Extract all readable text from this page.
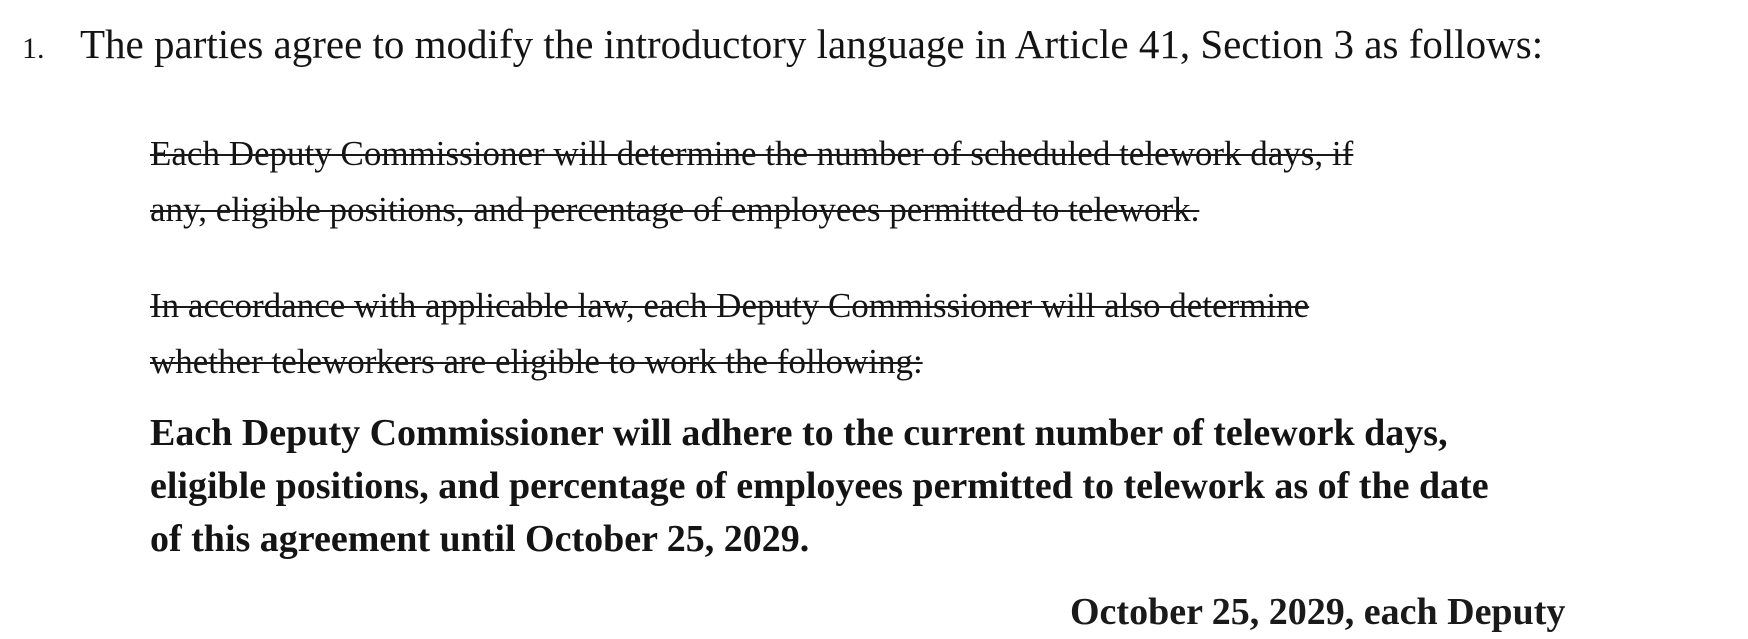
1. The parties agree to modify the introductory language in Article 41, Section 3 as follows:
Each Deputy Commissioner will determine the number of scheduled telework days, if
any, eligible positions, and percentage of employees permitted to telework.
In accordance with applicable law, each Deputy Commissioner will also determine
whether teleworkers are eligible to work the following:
Each Deputy Commissioner will adhere to the current number of telework days,
eligible positions, and percentage of employees permitted to telework as of the date
of this agreement until October 25, 2029.
October 25, 2029, each Deputy
